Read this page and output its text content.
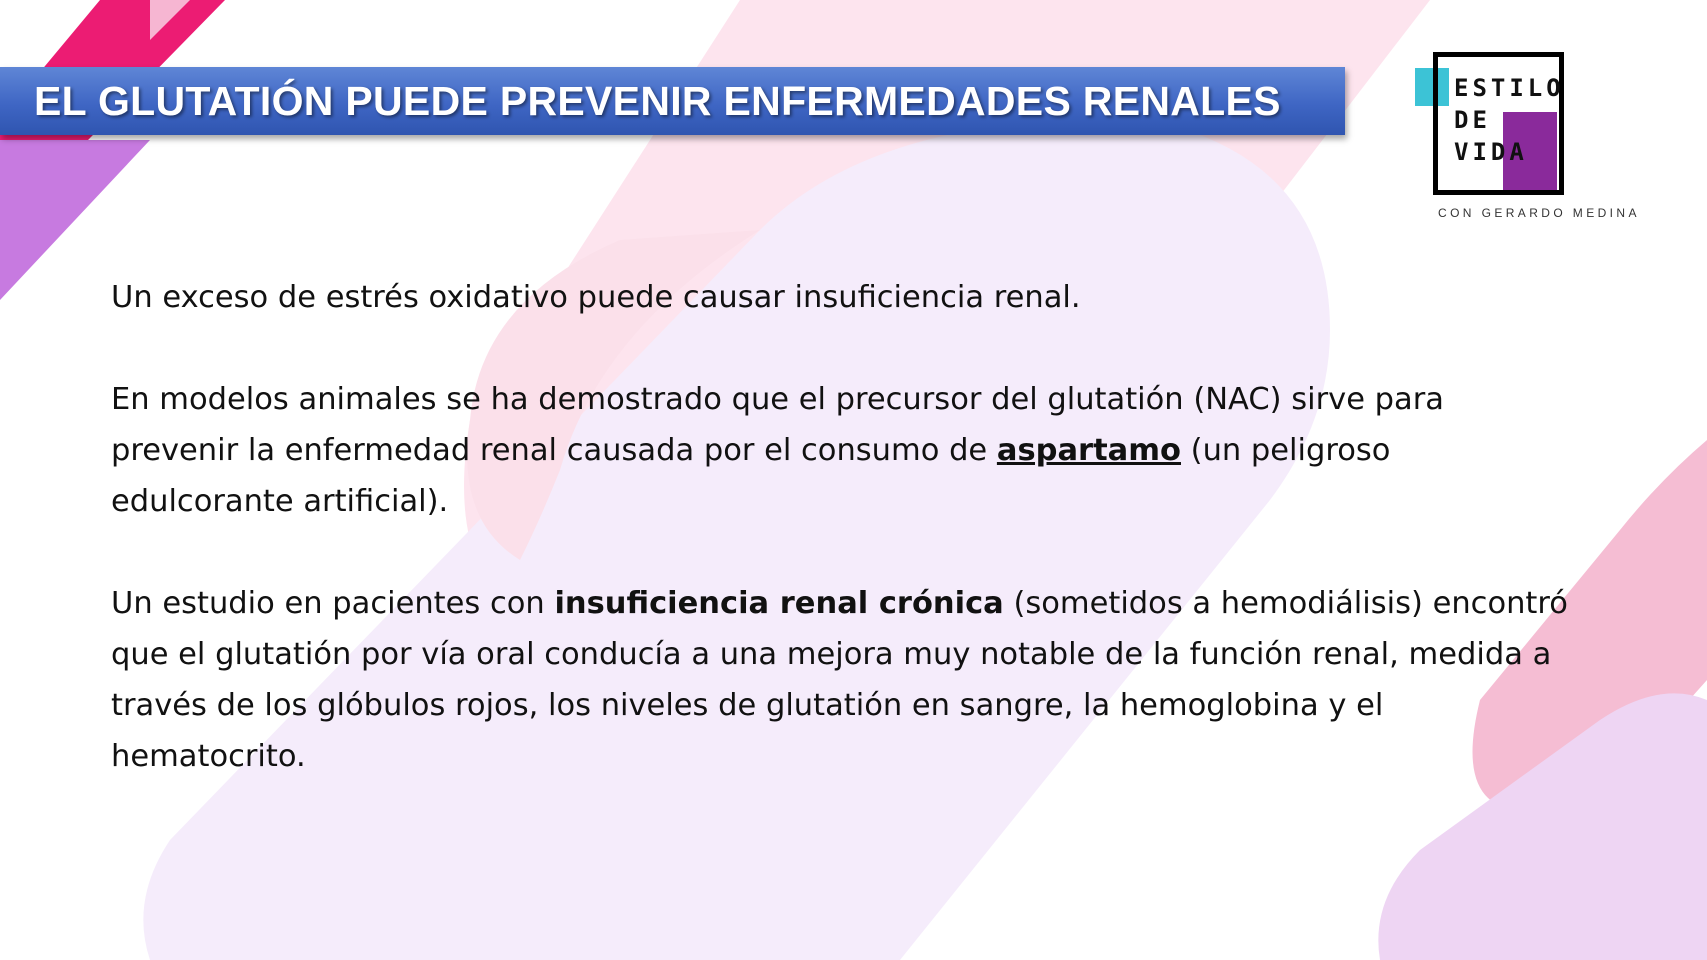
EL GLUTATIÓN PUEDE PREVENIR ENFERMEDADES RENALES	ESTILO
DE
VIDA
CON GERARDO MEDINA

Un exceso de estrés oxidativo puede causar insuficiencia renal.

En modelos animales se ha demostrado que el precursor del glutatión (NAC) sirve para prevenir la enfermedad renal causada por el consumo de aspartamo (un peligroso edulcorante artificial).

Un estudio en pacientes con insuficiencia renal crónica (sometidos a hemodiálisis) encontró que el glutatión por vía oral conducía a una mejora muy notable de la función renal, medida a través de los glóbulos rojos, los niveles de glutatión en sangre, la hemoglobina y el hematocrito.
